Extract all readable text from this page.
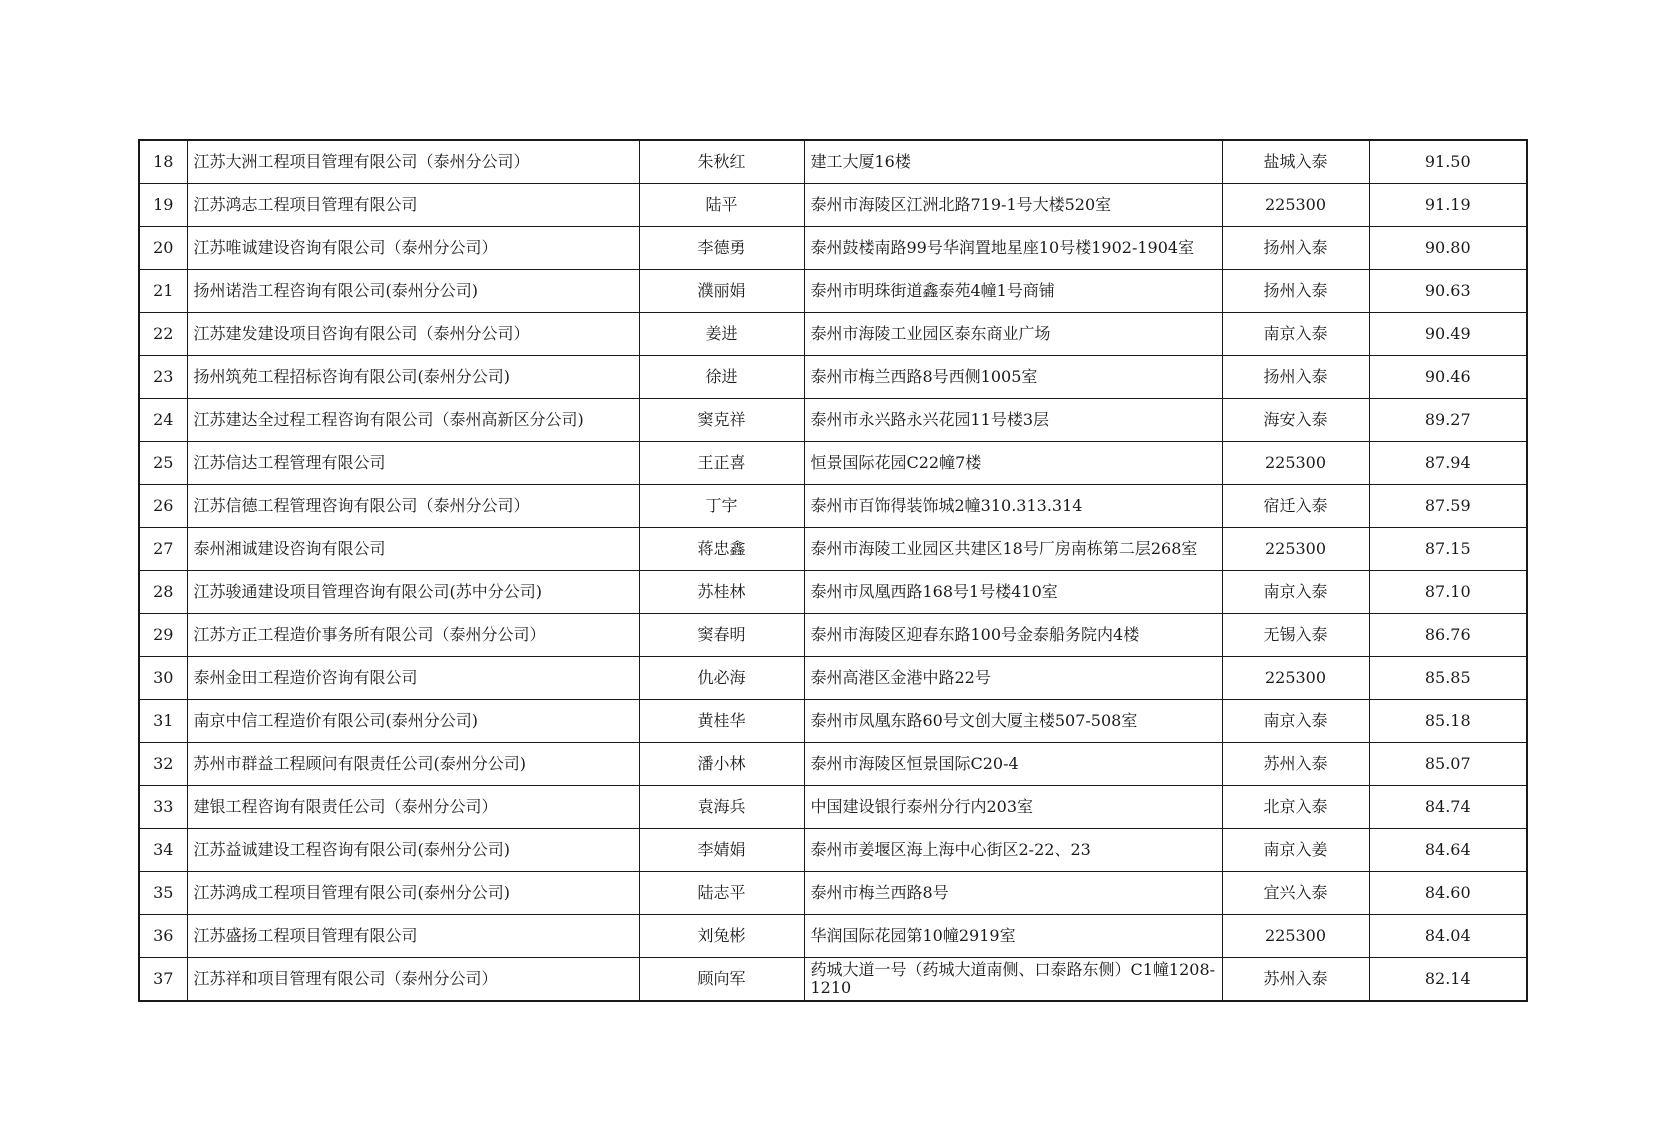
18	江苏大洲工程项目管理有限公司（泰州分公司）	朱秋红	建工大厦16楼	盐城入泰	91.50
19	江苏鸿志工程项目管理有限公司	陆平	泰州市海陵区江洲北路719-1号大楼520室	225300	91.19
20	江苏唯诚建设咨询有限公司（泰州分公司）	李德勇	泰州鼓楼南路99号华润置地星座10号楼1902-1904室	扬州入泰	90.80
21	扬州诺浩工程咨询有限公司(泰州分公司)	濮丽娟	泰州市明珠街道鑫泰苑4幢1号商铺	扬州入泰	90.63
22	江苏建发建设项目咨询有限公司（泰州分公司）	姜进	泰州市海陵工业园区泰东商业广场	南京入泰	90.49
23	扬州筑苑工程招标咨询有限公司(泰州分公司)	徐进	泰州市梅兰西路8号西侧1005室	扬州入泰	90.46
24	江苏建达全过程工程咨询有限公司（泰州高新区分公司)	窦克祥	泰州市永兴路永兴花园11号楼3层	海安入泰	89.27
25	江苏信达工程管理有限公司	王正喜	恒景国际花园C22幢7楼	225300	87.94
26	江苏信德工程管理咨询有限公司（泰州分公司）	丁宇	泰州市百饰得装饰城2幢310.313.314	宿迁入泰	87.59
27	泰州湘诚建设咨询有限公司	蒋忠鑫	泰州市海陵工业园区共建区18号厂房南栋第二层268室	225300	87.15
28	江苏骏通建设项目管理咨询有限公司(苏中分公司)	苏桂林	泰州市凤凰西路168号1号楼410室	南京入泰	87.10
29	江苏方正工程造价事务所有限公司（泰州分公司）	窦春明	泰州市海陵区迎春东路100号金泰船务院内4楼	无锡入泰	86.76
30	泰州金田工程造价咨询有限公司	仇必海	泰州高港区金港中路22号	225300	85.85
31	南京中信工程造价有限公司(泰州分公司)	黄桂华	泰州市凤凰东路60号文创大厦主楼507-508室	南京入泰	85.18
32	苏州市群益工程顾问有限责任公司(泰州分公司)	潘小林	泰州市海陵区恒景国际C20-4	苏州入泰	85.07
33	建银工程咨询有限责任公司（泰州分公司）	袁海兵	中国建设银行泰州分行内203室	北京入泰	84.74
34	江苏益诚建设工程咨询有限公司(泰州分公司)	李婧娟	泰州市姜堰区海上海中心街区2-22、23	南京入姜	84.64
35	江苏鸿成工程项目管理有限公司(泰州分公司)	陆志平	泰州市梅兰西路8号	宜兴入泰	84.60
36	江苏盛扬工程项目管理有限公司	刘兔彬	华润国际花园第10幢2919室	225300	84.04
37	江苏祥和项目管理有限公司（泰州分公司）	顾向军	药城大道一号（药城大道南侧、口泰路东侧）C1幢1208-1210	苏州入泰	82.14
